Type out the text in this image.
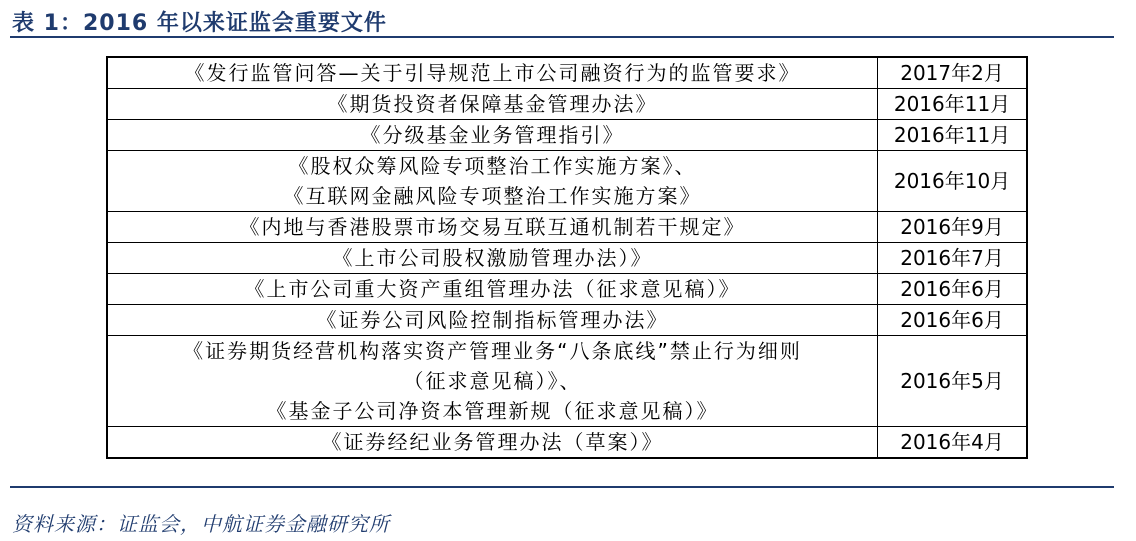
表 1：2016 年以来证监会重要文件
《发行监管问答—关于引导规范上市公司融资行为的监管要求》	2017年2月

《期货投资者保障基金管理办法》	2016年11月

《分级基金业务管理指引》	2016年11月

《股权众筹风险专项整治工作实施方案》、
《互联网金融风险专项整治工作实施方案》	2016年10月

《内地与香港股票市场交易互联互通机制若干规定》	2016年9月

《上市公司股权激励管理办法）》	2016年7月

《上市公司重大资产重组管理办法（征求意见稿）》	2016年6月

《证券公司风险控制指标管理办法》	2016年6月

《证券期货经营机构落实资产管理业务“八条底线”禁止行为细则
（征求意见稿）》、
《基金子公司净资本管理新规（征求意见稿）》	2016年5月

《证券经纪业务管理办法（草案）》	2016年4月
资料来源：证监会，中航证券金融研究所
